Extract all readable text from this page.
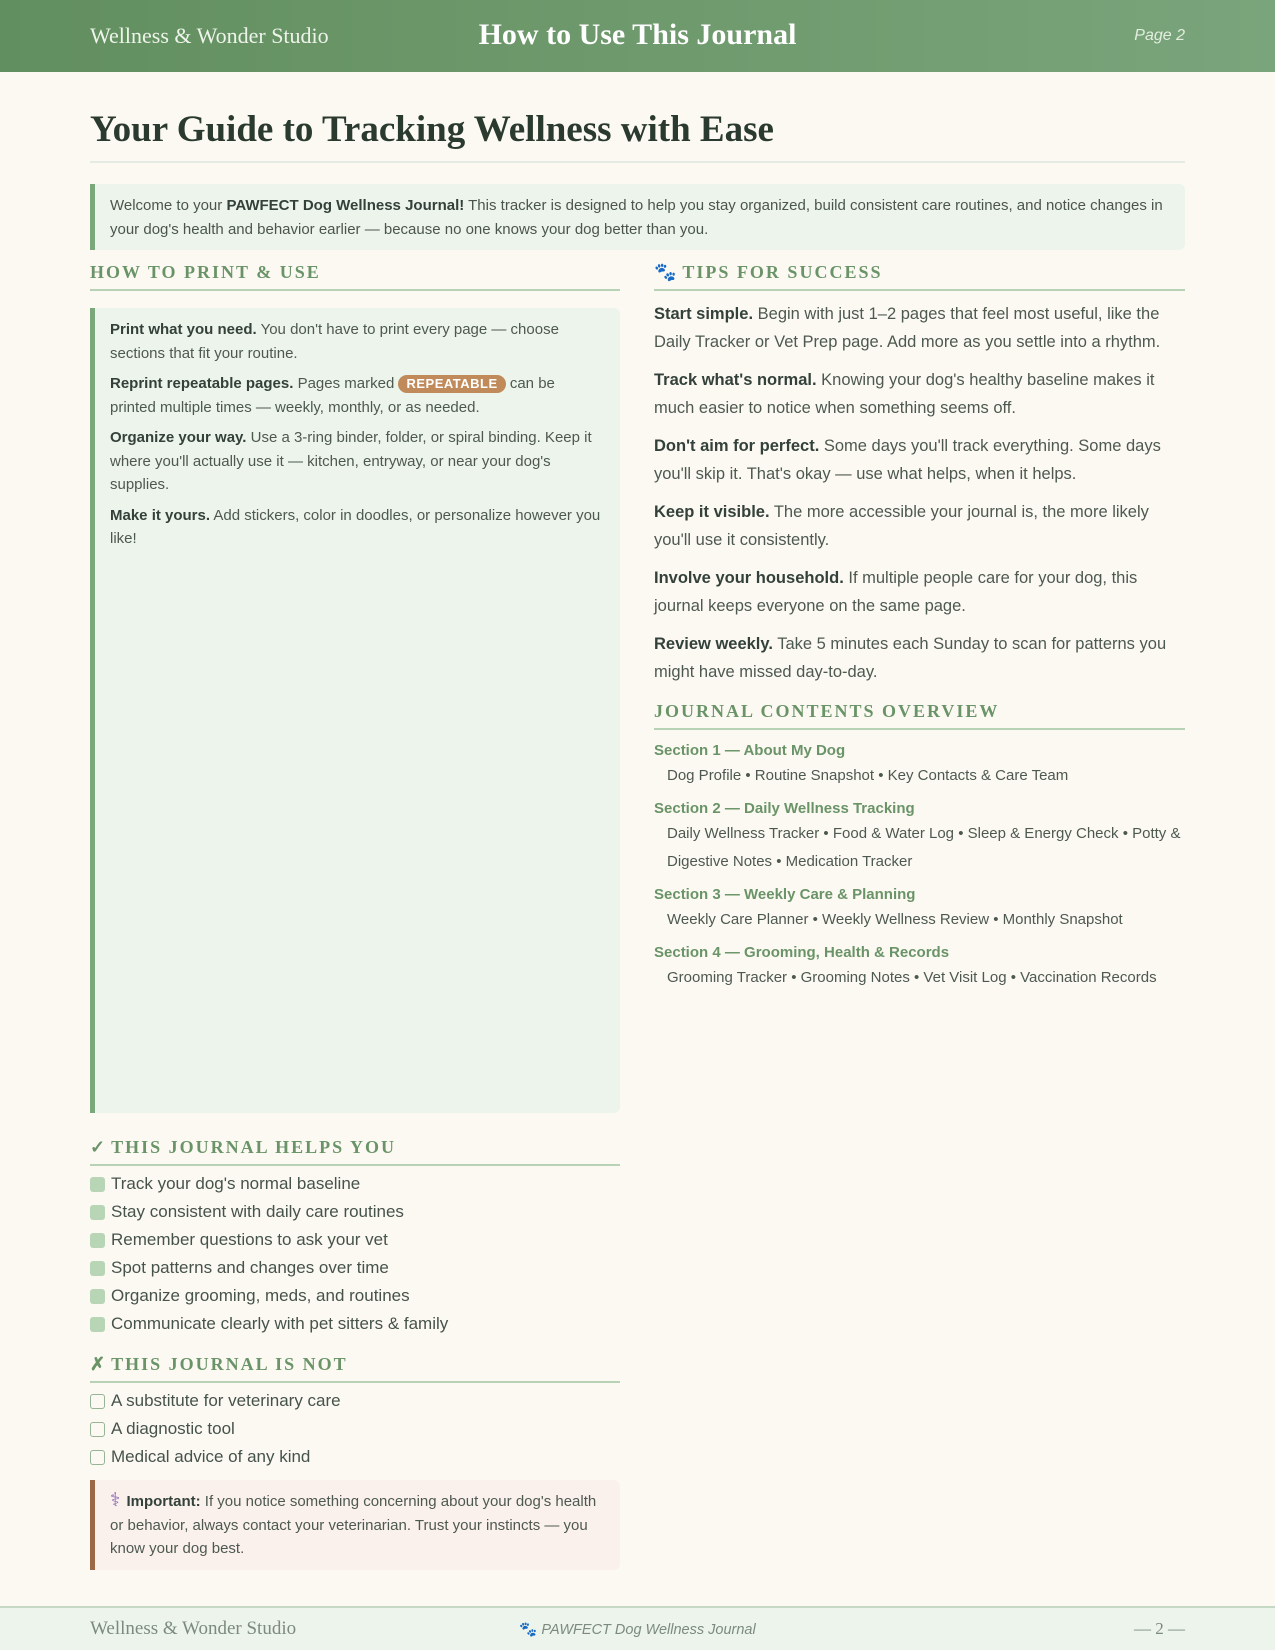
Wellness & Wonder Studio	How to Use This Journal	Page 2
Your Guide to Tracking Wellness with Ease
Welcome to your PAWFECT Dog Wellness Journal! This tracker is designed to help you stay organized, build consistent care routines, and notice changes in your dog's health and behavior earlier — because no one knows your dog better than you.
HOW TO PRINT & USE

Print what you need. You don't have to print every page — choose sections that fit your routine.

Reprint repeatable pages. Pages marked REPEATABLE can be printed multiple times — weekly, monthly, or as needed.

Organize your way. Use a 3-ring binder, folder, or spiral binding. Keep it where you'll actually use it — kitchen, entryway, or near your dog's supplies.

Make it yours. Add stickers, color in doodles, or personalize however you like!

✓ THIS JOURNAL HELPS YOU
Track your dog's normal baseline
Stay consistent with daily care routines
Remember questions to ask your vet
Spot patterns and changes over time
Organize grooming, meds, and routines
Communicate clearly with pet sitters & family
✗ THIS JOURNAL IS NOT
A substitute for veterinary care
A diagnostic tool
Medical advice of any kind
⚕ Important: If you notice something concerning about your dog's health or behavior, always contact your veterinarian. Trust your instincts — you know your dog best.
🐾 TIPS FOR SUCCESS

Start simple. Begin with just 1–2 pages that feel most useful, like the Daily Tracker or Vet Prep page. Add more as you settle into a rhythm.

Track what's normal. Knowing your dog's healthy baseline makes it much easier to notice when something seems off.

Don't aim for perfect. Some days you'll track everything. Some days you'll skip it. That's okay — use what helps, when it helps.

Keep it visible. The more accessible your journal is, the more likely you'll use it consistently.

Involve your household. If multiple people care for your dog, this journal keeps everyone on the same page.

Review weekly. Take 5 minutes each Sunday to scan for patterns you might have missed day-to-day.

JOURNAL CONTENTS OVERVIEW
Section 1 — About My Dog
Dog Profile • Routine Snapshot • Key Contacts & Care Team
Section 2 — Daily Wellness Tracking
Daily Wellness Tracker • Food & Water Log • Sleep & Energy Check • Potty & Digestive Notes • Medication Tracker
Section 3 — Weekly Care & Planning
Weekly Care Planner • Weekly Wellness Review • Monthly Snapshot
Section 4 — Grooming, Health & Records
Grooming Tracker • Grooming Notes • Vet Visit Log • Vaccination Records
Wellness & Wonder Studio	🐾 PAWFECT Dog Wellness Journal	— 2 —
